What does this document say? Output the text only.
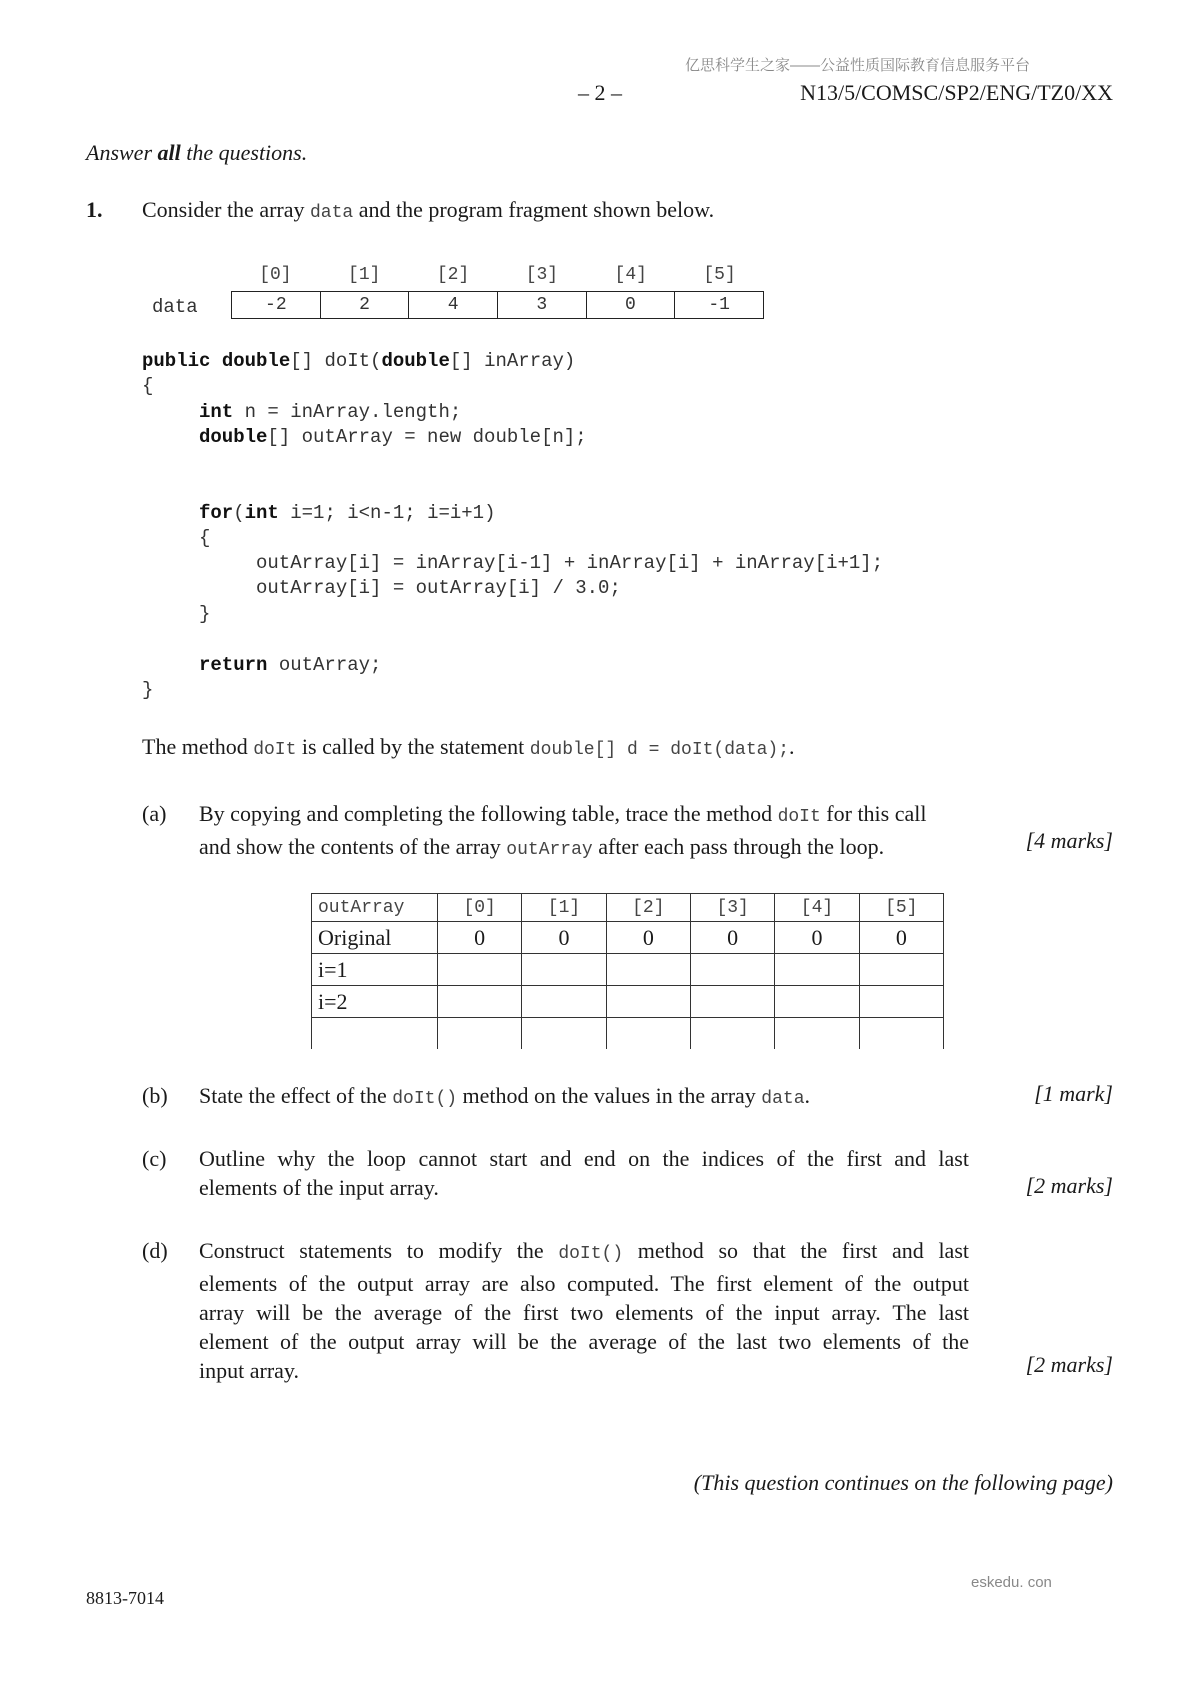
亿思科学生之家——公益性质国际教育信息服务平台
– 2 –	N13/5/COMSC/SP2/ENG/TZ0/XX
Answer all the questions.
1. Consider the array data and the program fragment shown below.
[0]	[1]	[2]	[3]	[4]	[5]
data	-2	2	4	3	0	-1
public double[] doIt(double[] inArray)
{
int n = inArray.length;
double[] outArray = new double[n];
for(int i=1; i<n-1; i=i+1)
{
outArray[i] = inArray[i-1] + inArray[i] + inArray[i+1];
outArray[i] = outArray[i] / 3.0;
}
return outArray;
}
The method doIt is called by the statement double[] d = doIt(data);.
(a) By copying and completing the following table, trace the method doIt for this call
and show the contents of the array outArray after each pass through the loop.	[4 marks]
outArray	[0]	[1]	[2]	[3]	[4]	[5]
Original	0	0	0	0	0	0
i=1						
i=2						

(b) State the effect of the doIt() method on the values in the array data.	[1 mark]
(c) Outline why the loop cannot start and end on the indices of the first and last
elements of the input array.	[2 marks]
(d) Construct statements to modify the doIt() method so that the first and last
elements of the output array are also computed. The first element of the output
array will be the average of the first two elements of the input array. The last
element of the output array will be the average of the last two elements of the
input array.	[2 marks]
(This question continues on the following page)
eskedu. con
8813-7014
